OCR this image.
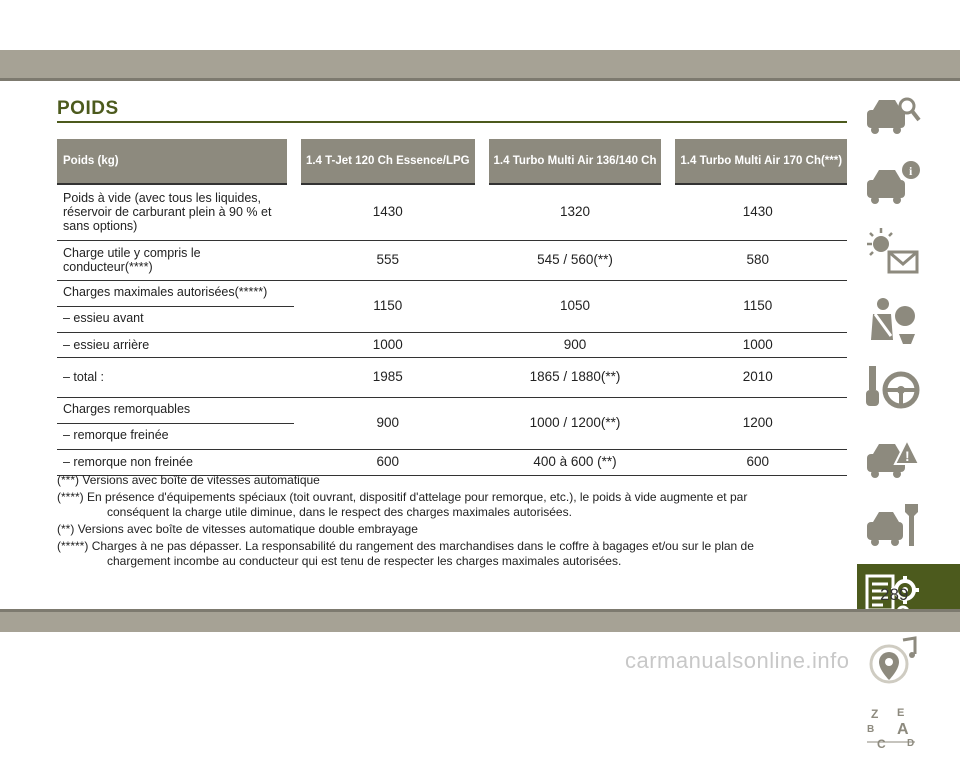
POIDS
Poids (kg)	1.4 T-Jet 120 Ch Essence/LPG	1.4 Turbo Multi Air 136/140 Ch	1.4 Turbo Multi Air 170 Ch(***)
Poids à vide (avec tous les liquides, réservoir de carburant plein à 90 % et sans options)	1430	1320	1430
Charge utile y compris le conducteur(****)	555	545 / 560(**)	580

Charges maximales autorisées(*****)
– essieu avant	1150	1050	1150
– essieu arrière	1000	900	1000
– total :	1985	1865 / 1880(**)	2010

Charges remorquables
– remorque freinée	900	1000 / 1200(**)	1200
– remorque non freinée	600	400 à 600 (**)	600

(***) Versions avec boîte de vitesses automatique

(****) En présence d'équipements spéciaux (toit ouvrant, dispositif d'attelage pour remorque, etc.), le poids à vide augmente et par
conséquent la charge utile diminue, dans le respect des charges maximales autorisées.

(**) Versions avec boîte de vitesses automatique double embrayage

(*****) Charges à ne pas dépasser. La responsabilité du rangement des marchandises dans le coffre à bagages et/ou sur le plan de
chargement incombe au conducteur qui est tenu de respecter les charges maximales autorisées.

i
!
Z E
B A
C D
289
carmanualsonline.info
